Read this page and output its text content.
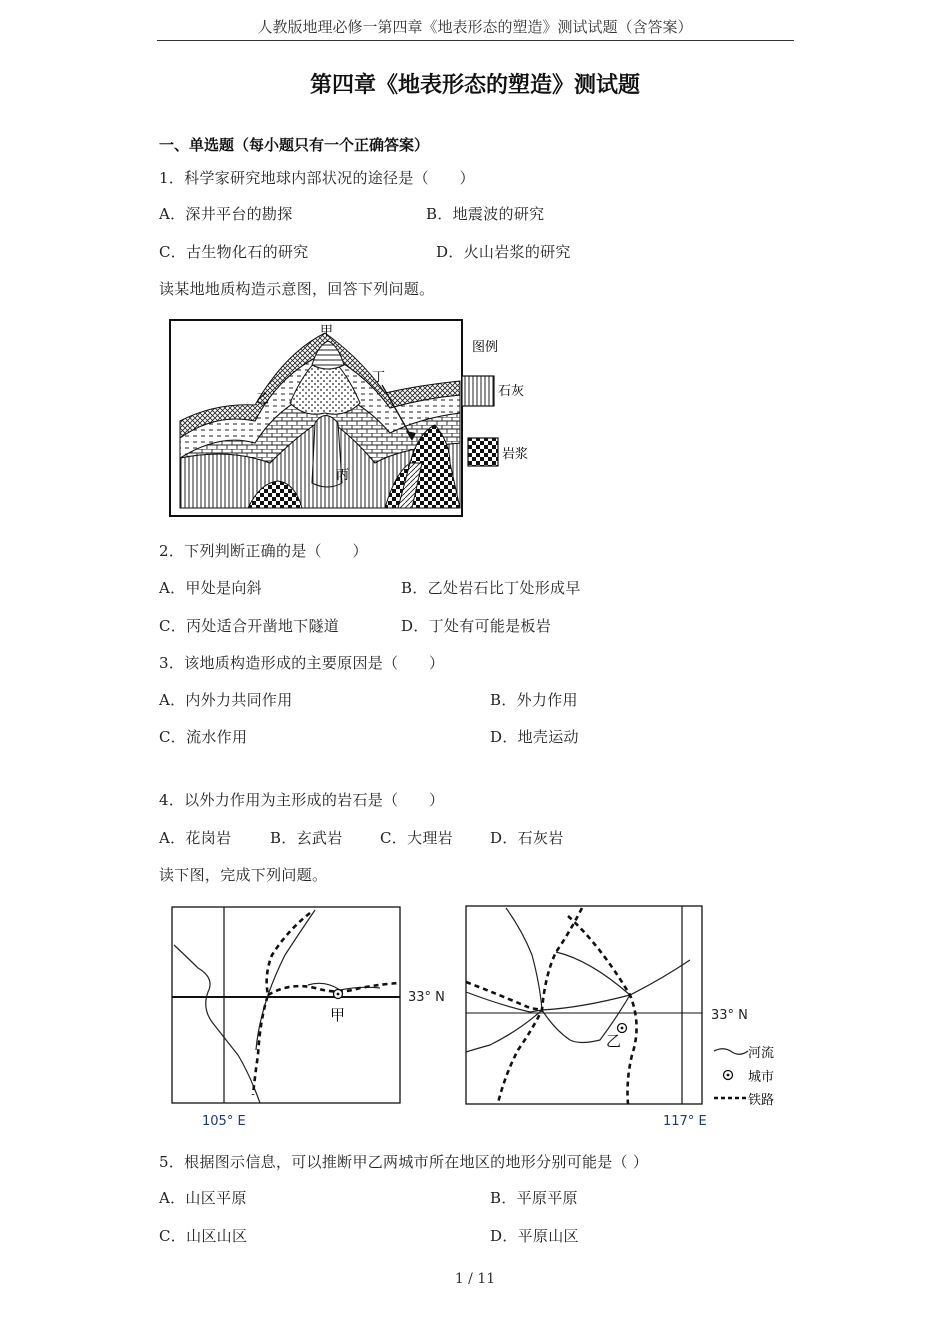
人教版地理必修一第四章《地表形态的塑造》测试试题（含答案）
第四章《地表形态的塑造》测试题
一、单选题（每小题只有一个正确答案）
1．科学家研究地球内部状况的途径是（　　）
A．深井平台的勘探	B．地震波的研究
C．古生物化石的研究	D．火山岩浆的研究
读某地地质构造示意图，回答下列问题。
甲
乙
丙
丁
图例
石灰
岩浆
2．下列判断正确的是（　　）
A．甲处是向斜	B．乙处岩石比丁处形成早
C．丙处适合开凿地下隧道	D．丁处有可能是板岩
3．该地质构造形成的主要原因是（　　）
A．内外力共同作用	B．外力作用
C．流水作用	D．地壳运动
4．以外力作用为主形成的岩石是（　　）
A．花岗岩	B．玄武岩 C．大理岩 D．石灰岩
读下图，完成下列问题。
甲
33° N
105° E
乙
33° N
117° E
河流
城市
铁路
5．根据图示信息，可以推断甲乙两城市所在地区的地形分别可能是（ ）
A．山区平原	B．平原平原
C．山区山区	D．平原山区
1 / 11
